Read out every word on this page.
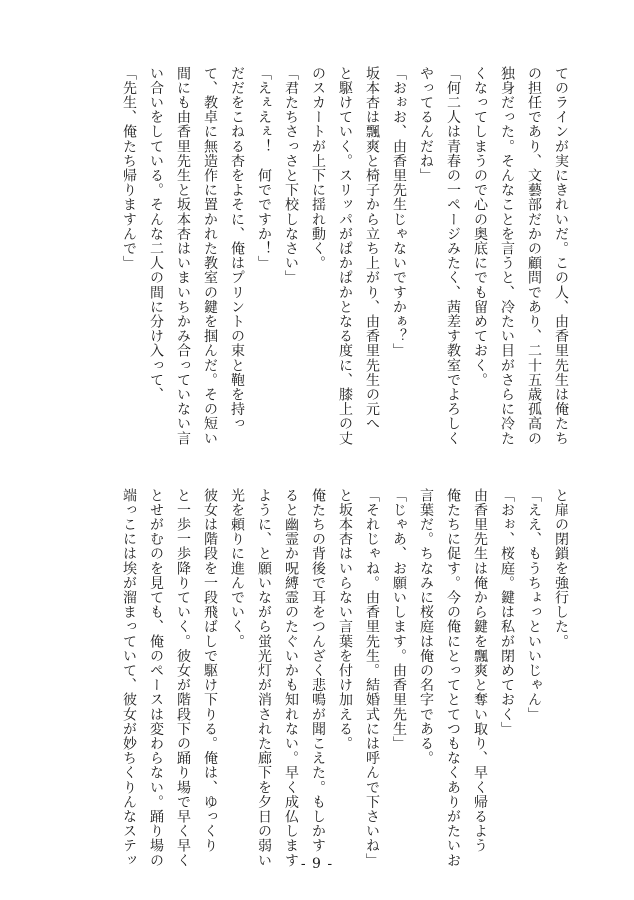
てのラインが実にきれいだ。この人、由香里先生は俺たち
の担任であり、文藝部だかの顧問であり、二十五歳孤高の
独身だった。そんなことを言うと、冷たい目がさらに冷た
くなってしまうので心の奥底にでも留めておく。
「何二人は青春の一ページみたく、茜差す教室でよろしく
やってるんだね」
「おぉお、由香里先生じゃないですかぁ？」
坂本杏は飄爽と椅子から立ち上がり、由香里先生の元へ
と駆けていく。スリッパがぱかぱかとなる度に、膝上の丈
のスカートが上下に揺れ動く。
「君たちさっさと下校しなさい」
「えぇえぇ！　何でですか！」
だだをこねる杏をよそに、俺はプリントの束と鞄を持っ
て、教卓に無造作に置かれた教室の鍵を掴んだ。その短い
間にも由香里先生と坂本杏はいまいちかみ合っていない言
い合いをしている。そんな二人の間に分け入って、
「先生、俺たち帰りますんで」
と扉の閉鎖を強行した。
「ええ、もうちょっといいじゃん」
「おぉ、桜庭。鍵は私が閉めておく」
由香里先生は俺から鍵を飄爽と奪い取り、早く帰るよう
俺たちに促す。今の俺にとってとてつもなくありがたいお
言葉だ。ちなみに桜庭は俺の名字である。
「じゃあ、お願いします。由香里先生」
「それじゃね。由香里先生。結婚式には呼んで下さいね」
と坂本杏はいらない言葉を付け加える。
俺たちの背後で耳をつんざく悲鳴が聞こえた。もしかす
ると幽霊か呪縛霊のたぐいかも知れない。早く成仏します
ように、と願いながら蛍光灯が消された廊下を夕日の弱い
光を頼りに進んでいく。
彼女は階段を一段飛ばしで駆け下りる。俺は、ゆっくり
と一歩一歩降りていく。彼女が階段下の踊り場で早く早く
とせがむのを見ても、俺のペースは変わらない。踊り場の
端っこには埃が溜まっていて、彼女が妙ちくりんなステッ	- 9 -
